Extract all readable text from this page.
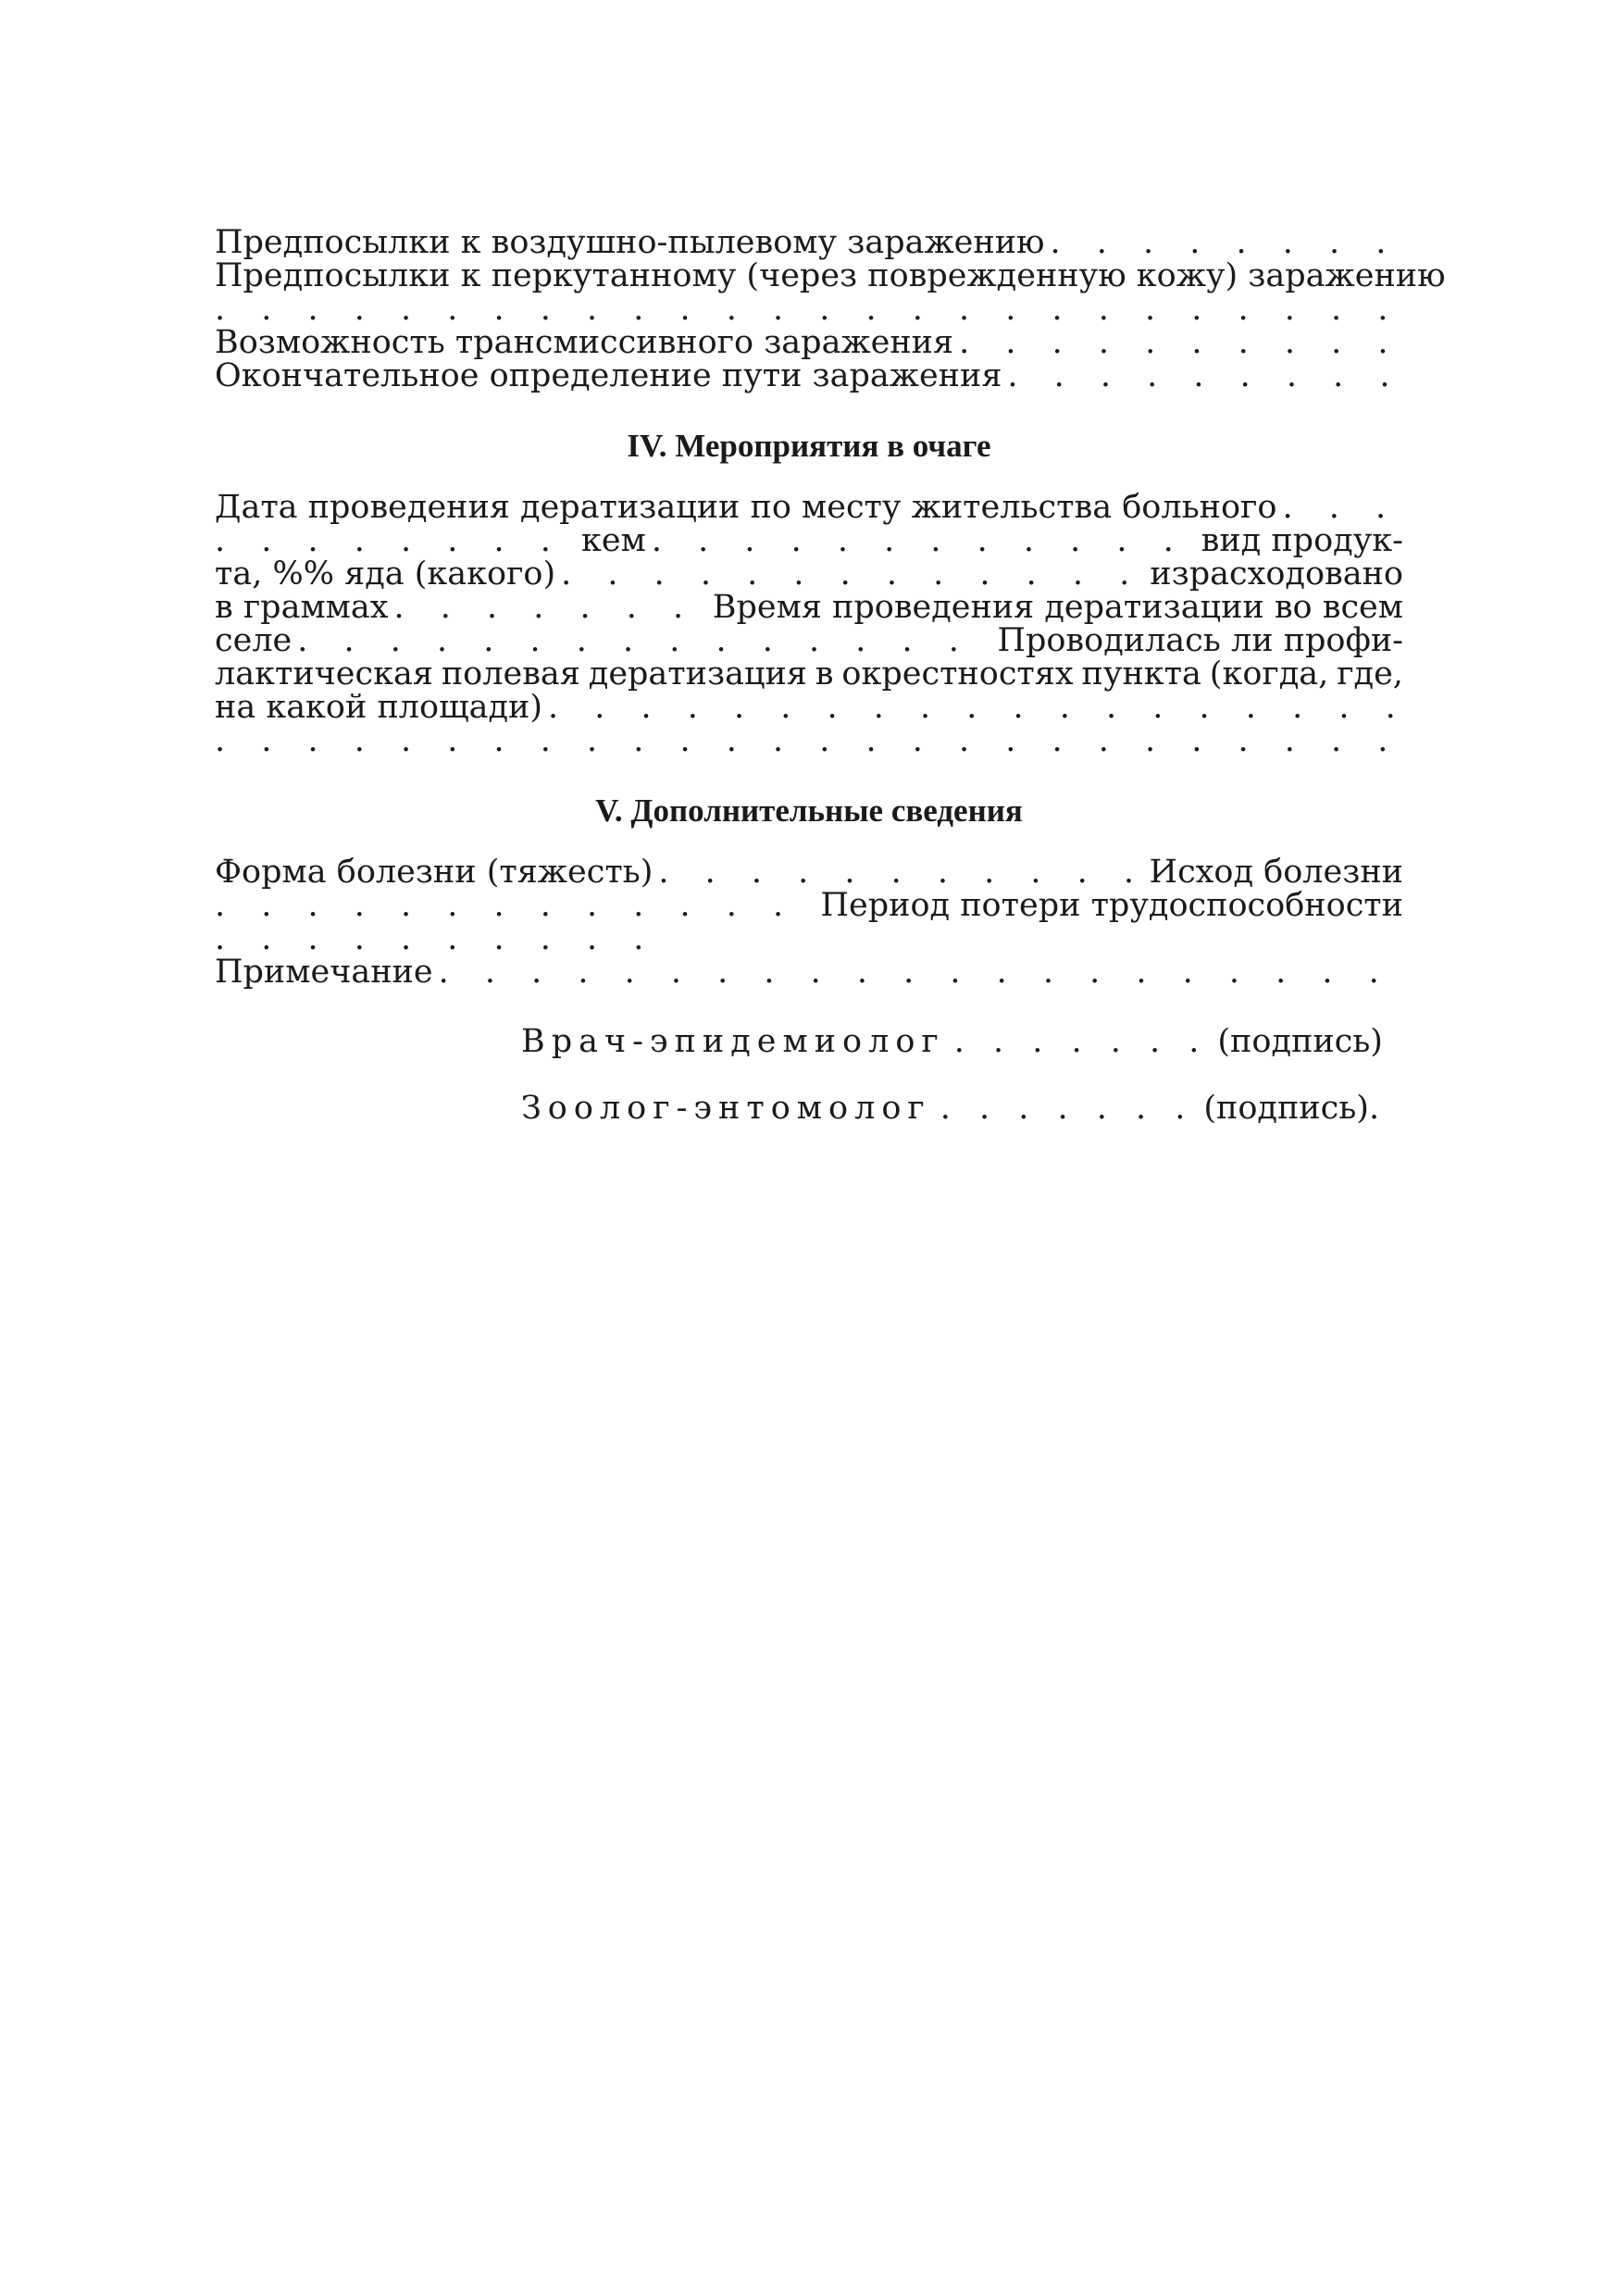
Предпосылки к воздушно-пылевому заражению
. . .
Предпосылки к перкутанному (через поврежденную кожу) заражению
. . .
Возможность трансмиссивного заражения
. . .
Окончательное определение пути заражения
. . .
IV. Мероприятия в очаге
Дата проведения дератизации по месту жительства больного
. . .
. . .
кем . . .	вид продук-
та, %% яда (какого) . . .	израсходовано
в граммах . . .	Время проведения дератизации во всем
селе . . .	Проводилась ли профи-
лактическая полевая дератизация в окрестностях пункта (когда, где,
на какой площади)
. . .
. . .
V. Дополнительные сведения
Форма болезни (тяжесть) . . .	Исход болезни
. . .
Период потери трудоспособности
. . .
Примечание
. . .
Врач-эпидемиолог . . .	(подпись)
Зоолог-энтомолог . . .	(подпись).
